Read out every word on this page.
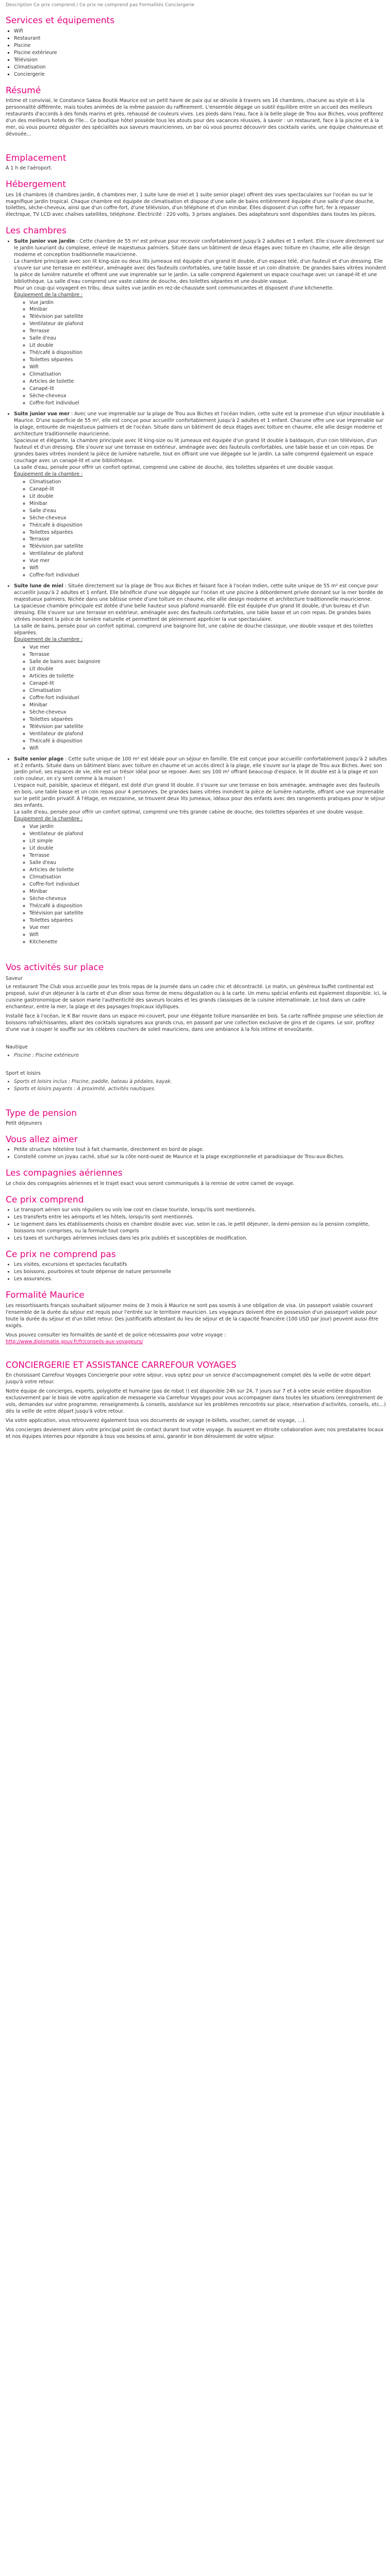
Description Ce prix comprend / Ce prix ne comprend pas Formalités Conciergerie
Services et équipements
▪ Wifi
▪ Restaurant
▪ Piscine
▪ Piscine extérieure
▪ Télévision
▪ Climatisation
▪ Conciergerie
Résumé

Intime et convivial, le Constance Sakoa Boutik Maurice est un petit havre de paix qui se dévoile à travers ses 16 chambres, chacune au style et à la personnalité différente, mais toutes animées de la même passion du raffinement. L'ensemble dégage un subtil équilibre entre un accueil des meilleurs restaurants d'accords à des fonds marins et grès, rehaussé de couleurs vives. Les pieds dans l'eau, face à la belle plage de Trou aux Biches, vous profiterez d'un des meilleurs hotels de l'île... Ce boutique hôtel possède tous les atouts pour des vacances réussies, à savoir : un restaurant, face à la piscine et à la mer, où vous pourrez déguster des spécialités aux saveurs mauriciennes, un bar où vous pourrez découvrir des cocktails variés, une équipe chaleureuse et dévouée...

Emplacement

À 1 h de l'aéroport.

Hébergement

Les 16 chambres (8 chambres jardin, 6 chambres mer, 1 suite lune de miel et 1 suite senior plage) offrent des vues spectaculaires sur l'océan ou sur le magnifique jardin tropical. Chaque chambre est équipée de climatisation et dispose d'une salle de bains entièrement équipée d'une salle d'une douche, toilettes, sèche-cheveux, ainsi que d'un coffre-fort, d'une télévision, d'un téléphone et d'un minibar. Elles disposent d'un coffre fort, fer à repasser électrique, TV LCD avec chaînes satellites, téléphone. Électricité : 220 volts, 3 prises anglaises. Des adaptateurs sont disponibles dans toutes les pièces.

Les chambres

• Suite junior vue jardin : Cette chambre de 55 m² est prévue pour recevoir confortablement jusqu'à 2 adultes et 1 enfant. Elle s'ouvre directement sur le jardin luxuriant du complexe, enlevé de majestueux palmiers. Située dans un bâtiment de deux étages avec toiture en chaume, elle allie design moderne et conception traditionnelle mauricienne.

La chambre principale avec son lit king-size ou deux lits jumeaux est équipée d'un grand lit double, d'un espace télé, d'un fauteuil et d'un dressing. Elle s'ouvre sur une terrasse en extérieur, aménagée avec des fauteuils confortables, une table basse et un coin dînatoire. De grandes baies vitrées inondent la pièce de lumière naturelle et offrent une vue imprenable sur le jardin. La salle comprend également un espace couchage avec un canapé-lit et une bibliothèque. La salle d'eau comprend une vaste cabine de douche, des toilettes séparées et une double vasque.

Pour un coup qui voyagent en tribu, deux suites vue jardin en rez-de-chaussée sont communicantes et disposent d'une kitchenette.

Équipement de la chambre :

◦ Vue jardin
◦ Minibar
◦ Télévision par satellite
◦ Ventilateur de plafond
◦ Terrasse
◦ Salle d'eau
◦ Lit double
◦ Thé/café à disposition
◦ Toilettes séparées
◦ Wifi
◦ Climatisation
◦ Articles de toilette
◦ Canapé-lit
◦ Sèche-cheveux
◦ Coffre-fort individuel

• Suite junior vue mer : Avec une vue imprenable sur la plage de Trou aux Biches et l'océan Indien, cette suite est la promesse d'un séjour inoubliable à Maurice. D'une superficie de 55 m², elle est conçue pour accueillir confortablement jusqu'à 2 adultes et 1 enfant. Chacune offre une vue imprenable sur la plage, entourée de majestueux palmiers et de l'océan. Située dans un bâtiment de deux étages avec toiture en chaume, elle allie design moderne et architecture traditionnelle mauricienne.

Spacieuse et élégante, la chambre principale avec lit king-size ou lit jumeaux est équipée d'un grand lit double à baldaquin, d'un coin télévision, d'un fauteuil et d'un dressing. Elle s'ouvre sur une terrasse en extérieur, aménagée avec des fauteuils confortables, une table basse et un coin repas. De grandes baies vitrées inondent la pièce de lumière naturelle, tout en offrant une vue dégagée sur le jardin. La salle comprend également un espace couchage avec un canapé-lit et une bibliothèque.

La salle d'eau, pensée pour offrir un confort optimal, comprend une cabine de douche, des toilettes séparées et une double vasque.

Équipement de la chambre :

◦ Climatisation
◦ Canapé-lit
◦ Lit double
◦ Minibar
◦ Salle d'eau
◦ Sèche-cheveux
◦ Thé/café à disposition
◦ Toilettes séparées
◦ Terrasse
◦ Télévision par satellite
◦ Ventilateur de plafond
◦ Vue mer
◦ Wifi
◦ Coffre-fort individuel

• Suite lune de miel : Située directement sur la plage de Trou aux Biches et faisant face à l'océan Indien, cette suite unique de 55 m² est conçue pour accueillir jusqu'à 2 adultes et 1 enfant. Elle bénéficie d'une vue dégagée sur l'océan et une piscine à débordement privée donnant sur la mer bordée de majestueux palmiers. Nichée dans une bâtisse ornée d'une toiture en chaume, elle allie design moderne et architecture traditionnelle mauricienne.

La spacieuse chambre principale est dotée d'une belle hauteur sous plafond mansardé. Elle est équipée d'un grand lit double, d'un bureau et d'un dressing. Elle s'ouvre sur une terrasse en extérieur, aménagée avec des fauteuils confortables, une table basse et un coin repas. De grandes baies vitrées inondent la pièce de lumière naturelle et permettent de pleinement apprécier la vue spectaculaire.

La salle de bains, pensée pour un confort optimal, comprend une baignoire îlot, une cabine de douche classique, une double vasque et des toilettes séparées.

Équipement de la chambre :

◦ Vue mer
◦ Terrasse
◦ Salle de bains avec baignoire
◦ Lit double
◦ Articles de toilette
◦ Canapé-lit
◦ Climatisation
◦ Coffre-fort individuel
◦ Minibar
◦ Sèche-cheveux
◦ Toilettes séparées
◦ Télévision par satellite
◦ Ventilateur de plafond
◦ Thé/café à disposition
◦ Wifi

• Suite senior plage : Cette suite unique de 100 m² est idéale pour un séjour en famille. Elle est conçue pour accueillir confortablement jusqu'à 2 adultes et 2 enfants. Située dans un bâtiment blanc avec toiture en chaume et un accès direct à la plage, elle s'ouvre sur la plage de Trou aux Biches. Avec son jardin privé, ses espaces de vie, elle est un trésor idéal pour se reposer. Avec ses 100 m² offrant beaucoup d'espace, le lit double est à la plage et son coin couleur, on s'y sent comme à la maison !

L'espace nuit, paisible, spacieux et élégant, est doté d'un grand lit double. Il s'ouvre sur une terrasse en bois aménagée, aménagée avec des fauteuils en bois, une table basse et un coin repas pour 4 personnes. De grandes baies vitrées inondent la pièce de lumière naturelle, offrant une vue imprenable sur le petit jardin privatif. À l'étage, en mezzanine, se trouvent deux lits jumeaux, idéaux pour des enfants avec des rangements pratiques pour le séjour des enfants.

La salle d'eau, pensée pour offrir un confort optimal, comprend une très grande cabine de douche, des toilettes séparées et une double vasque.

Équipement de la chambre :

◦ Vue jardin
◦ Ventilateur de plafond
◦ Lit simple
◦ Lit double
◦ Terrasse
◦ Salle d'eau
◦ Articles de toilette
◦ Climatisation
◦ Coffre-fort individuel
◦ Minibar
◦ Sèche-cheveux
◦ Thé/café à disposition
◦ Télévision par satellite
◦ Toilettes séparées
◦ Vue mer
◦ Wifi
◦ Kitchenette
Vos activités sur place
Saveur

Le restaurant The Club vous accueille pour les trois repas de la journée dans un cadre chic et décontracté. Le matin, un généreux buffet continental est proposé, suivi d'un déjeuner à la carte et d'un dîner sous forme de menu dégustation ou à la carte. Un menu spécial enfants est également disponible. Ici, la cuisine gastronomique de saison marie l'authenticité des saveurs locales et les grands classiques de la cuisine internationale. Le tout dans un cadre enchanteur, entre la mer, la plage et des paysages tropicaux idylliques.

Installé face à l'océan, le K Bar rouvre dans un espace mi-couvert, pour une élégante toiture mansardée en bois. Sa carte raffinée propose une sélection de boissons rafraîchissantes, allant des cocktails signatures aux grands crus, en passant par une collection exclusive de gins et de cigares. Le soir, profitez d'une vue à couper le souffle sur les célèbres couchers de soleil mauriciens, dans une ambiance à la fois intime et envoûtante.

Nautique
• Piscine : Piscine extérieure
Sport et loisirs
• Sports et loisirs inclus : Piscine, paddle, bateau à pédales, kayak.
• Sports et loisirs payants : À proximité, activités nautiques.
Type de pension

Petit déjeuners

Vous allez aimer
• Petite structure hôtelière tout à fait charmante, directement en bord de plage.
• Constellé comme un joyau caché, situé sur la côte nord-ouest de Maurice et la plage exceptionnelle et paradisiaque de Trou-aux-Biches.
Les compagnies aériennes

Le choix des compagnies aériennes et le trajet exact vous seront communiqués à la remise de votre carnet de voyage.

Ce prix comprend
• Le transport aérien sur vols réguliers ou vols low cost en classe touriste, lorsqu'ils sont mentionnés.
• Les transferts entre les aéroports et les hôtels, lorsqu'ils sont mentionnés.
• Le logement dans les établissements choisis en chambre double avec vue, selon le cas, le petit déjeuner, la demi-pension ou la pension complète, boissons non comprises, ou la formule tout compris
• Les taxes et surcharges aériennes incluses dans les prix publiés et susceptibles de modification.
Ce prix ne comprend pas
• Les visites, excursions et spectacles facultatifs
• Les boissons, pourboires et toute dépense de nature personnelle
• Les assurances.
Formalité Maurice

Les ressortissants français souhaitant séjourner moins de 3 mois à Maurice ne sont pas soumis à une obligation de visa. Un passeport valable couvrant l'ensemble de la durée du séjour est requis pour l'entrée sur le territoire mauricien. Les voyageurs doivent être en possession d'un passeport valide pour toute la durée du séjour et d'un billet retour. Des justificatifs attestant du lieu de séjour et de la capacité financière (100 USD par jour) peuvent aussi être exigés.

Vous pouvez consulter les formalités de santé et de police nécessaires pour votre voyage :
http://www.diplomatie.gouv.fr/fr/conseils-aux-voyageurs/

CONCIERGERIE ET ASSISTANCE CARREFOUR VOYAGES

En choisissant Carrefour Voyages Conciergerie pour votre séjour, vous optez pour un service d'accompagnement complet dès la veille de votre départ jusqu'à votre retour.

Notre équipe de concierges, experts, polyglotte et humaine (pas de robot !) est disponible 24h sur 24, 7 jours sur 7 et à votre seule entière disposition exclusivement par le biais de votre application de messagerie via Carrefour Voyages pour vous accompagner dans toutes les situations (enregistrement de vols, demandes sur votre programme, renseignements & conseils, assistance sur les problèmes rencontrés sur place, réservation d'activités, conseils, etc...) dès la veille de votre départ jusqu'à votre retour.

Via votre application, vous retrouverez également tous vos documents de voyage (e-billets, voucher, carnet de voyage, ...).

Vos concierges deviennent alors votre principal point de contact durant tout votre voyage. Ils assurent en étroite collaboration avec nos prestataires locaux et nos équipes internes pour répondre à tous vos besoins et ainsi, garantir le bon déroulement de votre séjour.
